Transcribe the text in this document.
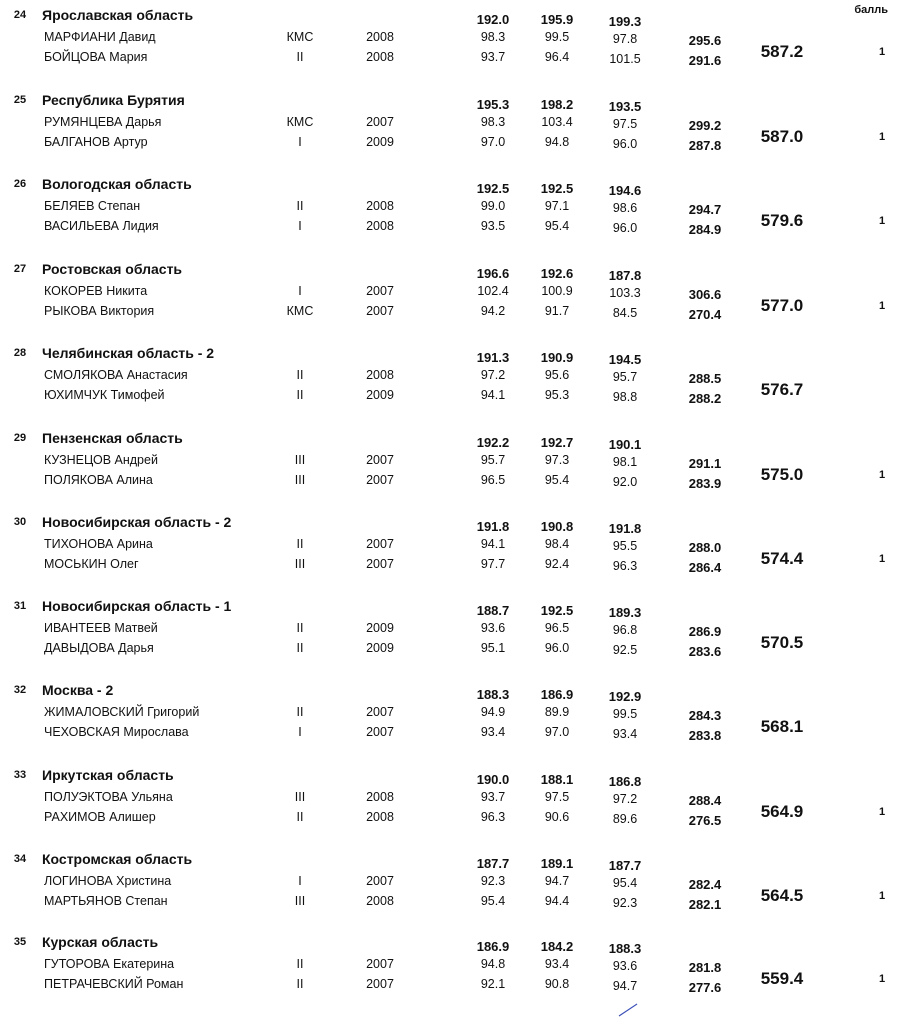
балль
24	Ярославская область	192.0	195.9	199.3
МАРФИАНИ Давид	КМС	2008	98.3	99.5	97.8	295.6
БОЙЦОВА Мария	II	2008	93.7	96.4	101.5	291.6	587.2	1
25	Республика Бурятия	195.3	198.2	193.5
РУМЯНЦЕВА Дарья	КМС	2007	98.3	103.4	97.5	299.2
БАЛГАНОВ Артур	I	2009	97.0	94.8	96.0	287.8	587.0	1
26	Вологодская область	192.5	192.5	194.6
БЕЛЯЕВ Степан	II	2008	99.0	97.1	98.6	294.7
ВАСИЛЬЕВА Лидия	I	2008	93.5	95.4	96.0	284.9	579.6	1
27	Ростовская область	196.6	192.6	187.8
КОКОРЕВ Никита	I	2007	102.4	100.9	103.3	306.6
РЫКОВА Виктория	КМС	2007	94.2	91.7	84.5	270.4	577.0	1
28	Челябинская область - 2	191.3	190.9	194.5
СМОЛЯКОВА Анастасия	II	2008	97.2	95.6	95.7	288.5
ЮХИМЧУК Тимофей	II	2009	94.1	95.3	98.8	288.2	576.7
29	Пензенская область	192.2	192.7	190.1
КУЗНЕЦОВ Андрей	III	2007	95.7	97.3	98.1	291.1
ПОЛЯКОВА Алина	III	2007	96.5	95.4	92.0	283.9	575.0	1
30	Новосибирская область - 2	191.8	190.8	191.8
ТИХОНОВА Арина	II	2007	94.1	98.4	95.5	288.0
МОСЬКИН Олег	III	2007	97.7	92.4	96.3	286.4	574.4	1
31	Новосибирская область - 1	188.7	192.5	189.3
ИВАНТЕЕВ Матвей	II	2009	93.6	96.5	96.8	286.9
ДАВЫДОВА Дарья	II	2009	95.1	96.0	92.5	283.6	570.5
32	Москва - 2	188.3	186.9	192.9
ЖИМАЛОВСКИЙ Григорий	II	2007	94.9	89.9	99.5	284.3
ЧЕХОВСКАЯ Мирослава	I	2007	93.4	97.0	93.4	283.8	568.1
33	Иркутская область	190.0	188.1	186.8
ПОЛУЭКТОВА Ульяна	III	2008	93.7	97.5	97.2	288.4
РАХИМОВ Алишер	II	2008	96.3	90.6	89.6	276.5	564.9	1
34	Костромская область	187.7	189.1	187.7
ЛОГИНОВА Христина	I	2007	92.3	94.7	95.4	282.4
МАРТЬЯНОВ Степан	III	2008	95.4	94.4	92.3	282.1	564.5	1
35	Курская область	186.9	184.2	188.3
ГУТОРОВА Екатерина	II	2007	94.8	93.4	93.6	281.8
ПЕТРАЧЕВСКИЙ Роман	II	2007	92.1	90.8	94.7	277.6	559.4	1
